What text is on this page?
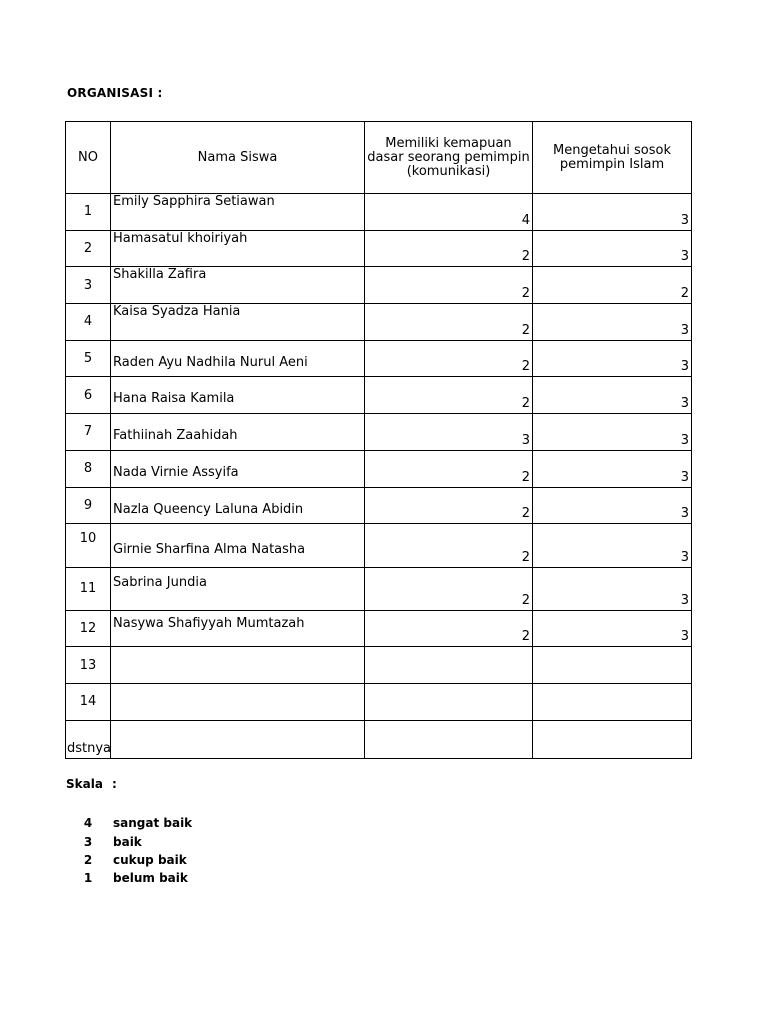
ORGANISASI :
NO	Nama Siswa	Memiliki kemapuan dasar seorang pemimpin (komunikasi)	Mengetahui sosok pemimpin Islam
1	Emily Sapphira Setiawan	4	3

2	Hamasatul khoiriyah	2	3

3	Shakilla Zafira	2	2

4	Kaisa Syadza Hania	2	3

5	Raden Ayu Nadhila Nurul Aeni	2	3

6	Hana Raisa Kamila	2	3

7	Fathiinah Zaahidah	3	3

8	Nada Virnie Assyifa	2	3

9	Nazla Queency Laluna Abidin	2	3

10	Girnie Sharfina Alma Natasha	2	3

11	Sabrina Jundia	2	3

12	Nasywa Shafiyyah Mumtazah	2	3

13	

14	

dstnya	

Skala :
4	sangat baik
3	baik
2	cukup baik
1	belum baik
